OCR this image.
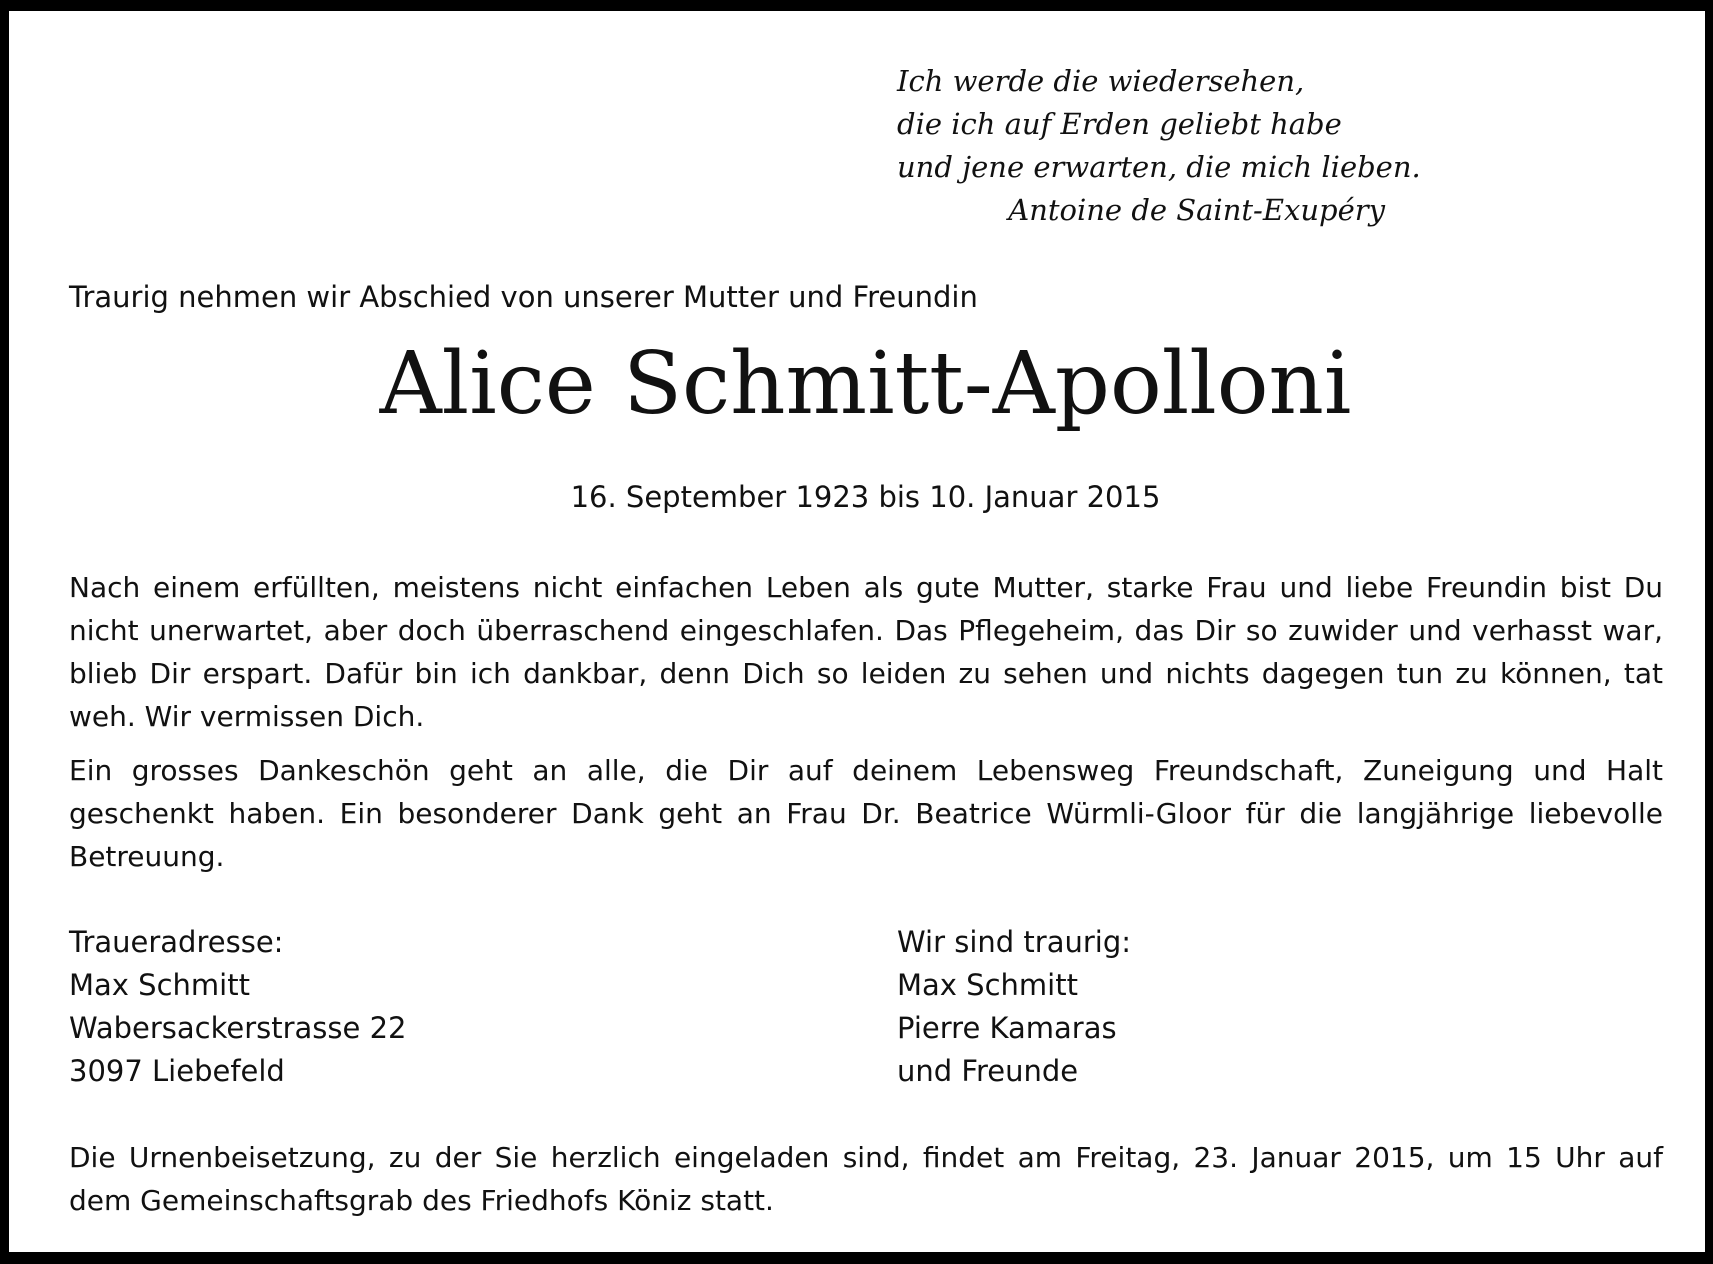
Ich werde die wiedersehen,
die ich auf Erden geliebt habe
und jene erwarten, die mich lieben.
Antoine de Saint-Exupéry
Traurig nehmen wir Abschied von unserer Mutter und Freundin
Alice Schmitt-Apolloni
16. September 1923 bis 10. Januar 2015
Nach einem erfüllten, meistens nicht einfachen Leben als gute Mutter, starke Frau und liebe Freundin bist Du
nicht unerwartet, aber doch überraschend eingeschlafen. Das Pflegeheim, das Dir so zuwider und verhasst war,
blieb Dir erspart. Dafür bin ich dankbar, denn Dich so leiden zu sehen und nichts dagegen tun zu können, tat
weh. Wir vermissen Dich.
Ein grosses Dankeschön geht an alle, die Dir auf deinem Lebensweg Freundschaft, Zuneigung und Halt
geschenkt haben. Ein besonderer Dank geht an Frau Dr. Beatrice Würmli-Gloor für die langjährige liebevolle
Betreuung.
Traueradresse:
Max Schmitt
Wabersackerstrasse 22
3097 Liebefeld
Wir sind traurig:
Max Schmitt
Pierre Kamaras
und Freunde
Die Urnenbeisetzung, zu der Sie herzlich eingeladen sind, findet am Freitag, 23. Januar 2015, um 15 Uhr auf
dem Gemeinschaftsgrab des Friedhofs Köniz statt.
